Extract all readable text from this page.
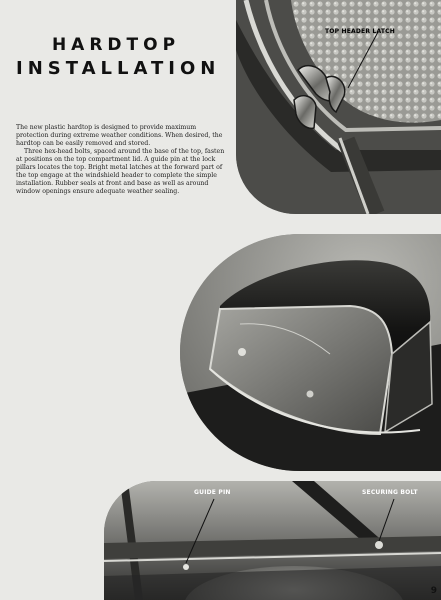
HARDTOP
INSTALLATION

The new plastic hardtop is designed to provide maximum protection during extreme weather conditions. When desired, the hardtop can be easily removed and stored.

Three hex-head bolts, spaced around the base of the top, fasten at positions on the top compartment lid. A guide pin at the lock pillars locates the top. Bright metal latches at the forward part of the top engage at the windshield header to complete the simple installation. Rubber seals at front and base as well as around window openings ensure adequate weather sealing.

TOP HEADER LATCH
GUIDE PIN	SECURING BOLT
9
